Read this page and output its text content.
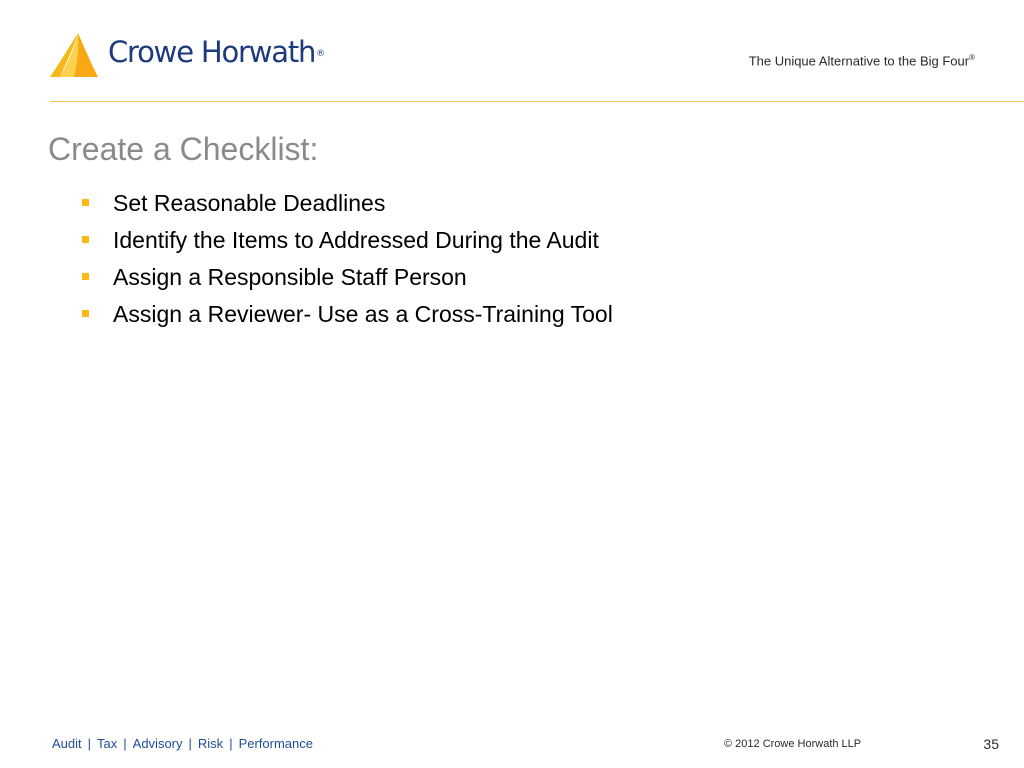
Crowe Horwath®	The Unique Alternative to the Big Four®
Create a Checklist:
Set Reasonable Deadlines
Identify the Items to Addressed During the Audit
Assign a Responsible Staff Person
Assign a Reviewer- Use as a Cross-Training Tool
Audit | Tax | Advisory | Risk | Performance	© 2012 Crowe Horwath LLP	35
